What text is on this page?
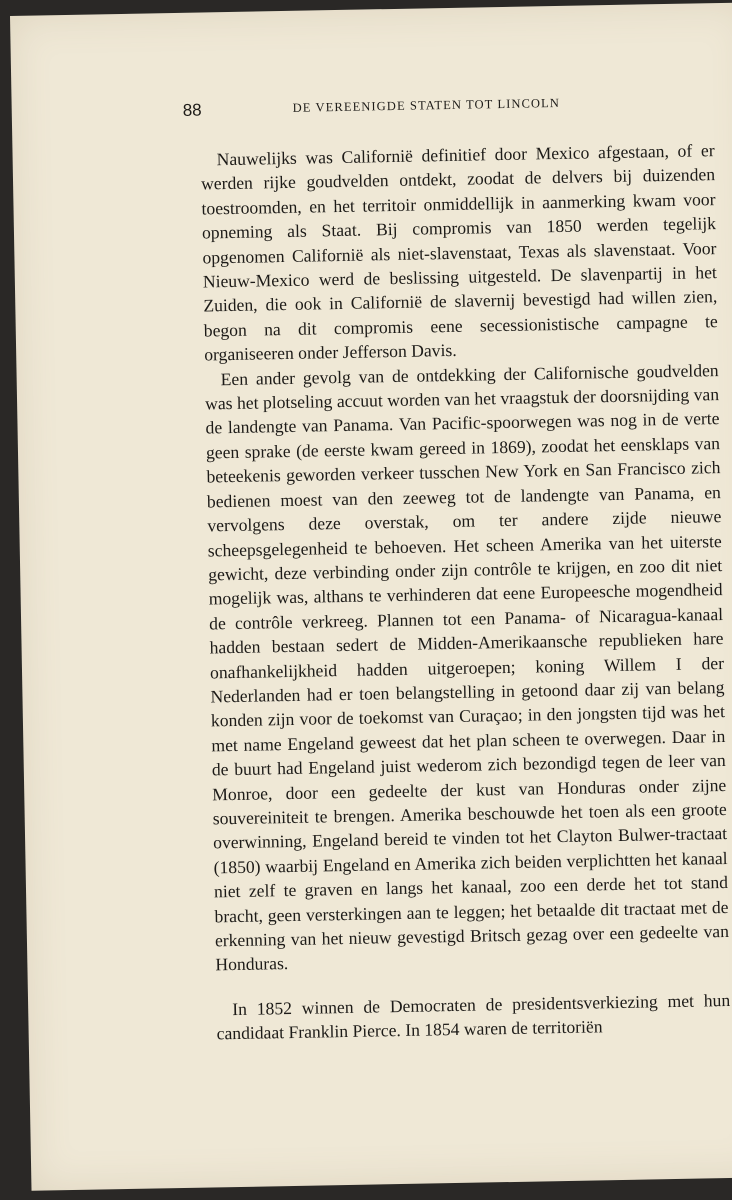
88	DE VEREENIGDE STATEN TOT LINCOLN

Nauwelijks was Californië definitief door Mexico afgestaan, of er werden rijke goudvelden ontdekt, zoodat de delvers bij duizenden toestroomden, en het territoir onmiddellijk in aanmerking kwam voor opneming als Staat. Bij compromis van 1850 werden tegelijk opgenomen Californië als niet-slavenstaat, Texas als slavenstaat. Voor Nieuw-Mexico werd de beslissing uitgesteld. De slavenpartij in het Zuiden, die ook in Californië de slavernij bevestigd had willen zien, begon na dit compromis eene secessionistische campagne te organiseeren onder Jefferson Davis.

Een ander gevolg van de ontdekking der Californische goudvelden was het plotseling accuut worden van het vraagstuk der doorsnijding van de landengte van Panama. Van Pacific-spoorwegen was nog in de verte geen sprake (de eerste kwam gereed in 1869), zoodat het eensklaps van beteekenis geworden verkeer tusschen New York en San Francisco zich bedienen moest van den zeeweg tot de landengte van Panama, en vervolgens deze overstak, om ter andere zijde nieuwe scheepsgelegenheid te behoeven. Het scheen Amerika van het uiterste gewicht, deze verbinding onder zijn contrôle te krijgen, en zoo dit niet mogelijk was, althans te verhinderen dat eene Europeesche mogendheid de contrôle verkreeg. Plannen tot een Panama- of Nicaragua-kanaal hadden bestaan sedert de Midden-Amerikaansche republieken hare onafhankelijkheid hadden uitgeroepen; koning Willem I der Nederlanden had er toen belangstelling in getoond daar zij van belang konden zijn voor de toekomst van Curaçao; in den jongsten tijd was het met name Engeland geweest dat het plan scheen te overwegen. Daar in de buurt had Engeland juist wederom zich bezondigd tegen de leer van Monroe, door een gedeelte der kust van Honduras onder zijne souvereiniteit te brengen. Amerika beschouwde het toen als een groote overwinning, Engeland bereid te vinden tot het Clayton Bulwer-tractaat (1850) waarbij Engeland en Amerika zich beiden verplichtten het kanaal niet zelf te graven en langs het kanaal, zoo een derde het tot stand bracht, geen versterkingen aan te leggen; het betaalde dit tractaat met de erkenning van het nieuw gevestigd Britsch gezag over een gedeelte van Honduras.

In 1852 winnen de Democraten de presidentsverkiezing met hun candidaat Franklin Pierce. In 1854 waren de territoriën
